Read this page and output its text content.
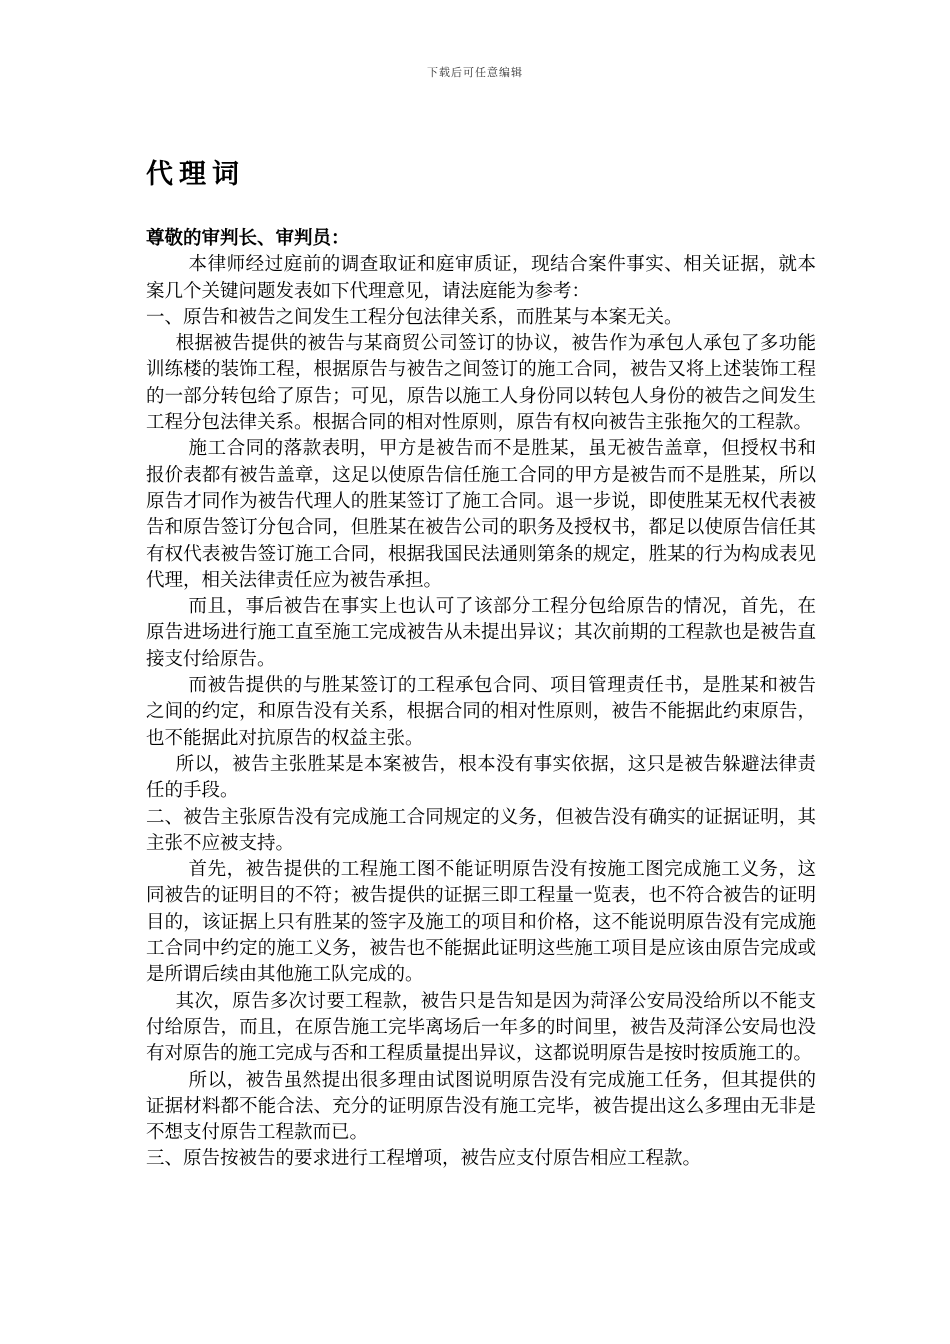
下载后可任意编辑
代理词

尊敬的审判长、审判员：

本律师经过庭前的调查取证和庭审质证，现结合案件事实、相关证据，就本案几个关键问题发表如下代理意见，请法庭能为参考：

一、原告和被告之间发生工程分包法律关系，而胜某与本案无关。

根据被告提供的被告与某商贸公司签订的协议，被告作为承包人承包了多功能训练楼的装饰工程，根据原告与被告之间签订的施工合同，被告又将上述装饰工程的一部分转包给了原告；可见，原告以施工人身份同以转包人身份的被告之间发生工程分包法律关系。根据合同的相对性原则，原告有权向被告主张拖欠的工程款。

施工合同的落款表明，甲方是被告而不是胜某，虽无被告盖章，但授权书和报价表都有被告盖章，这足以使原告信任施工合同的甲方是被告而不是胜某，所以原告才同作为被告代理人的胜某签订了施工合同。退一步说，即使胜某无权代表被告和原告签订分包合同，但胜某在被告公司的职务及授权书，都足以使原告信任其有权代表被告签订施工合同，根据我国民法通则第条的规定，胜某的行为构成表见代理，相关法律责任应为被告承担。

而且，事后被告在事实上也认可了该部分工程分包给原告的情况，首先，在原告进场进行施工直至施工完成被告从未提出异议；其次前期的工程款也是被告直接支付给原告。

而被告提供的与胜某签订的工程承包合同、项目管理责任书，是胜某和被告之间的约定，和原告没有关系，根据合同的相对性原则，被告不能据此约束原告，也不能据此对抗原告的权益主张。

所以，被告主张胜某是本案被告，根本没有事实依据，这只是被告躲避法律责任的手段。

二、被告主张原告没有完成施工合同规定的义务，但被告没有确实的证据证明，其主张不应被支持。

首先，被告提供的工程施工图不能证明原告没有按施工图完成施工义务，这同被告的证明目的不符；被告提供的证据三即工程量一览表，也不符合被告的证明目的，该证据上只有胜某的签字及施工的项目和价格，这不能说明原告没有完成施工合同中约定的施工义务，被告也不能据此证明这些施工项目是应该由原告完成或是所谓后续由其他施工队完成的。

其次，原告多次讨要工程款，被告只是告知是因为菏泽公安局没给所以不能支付给原告，而且，在原告施工完毕离场后一年多的时间里，被告及菏泽公安局也没有对原告的施工完成与否和工程质量提出异议，这都说明原告是按时按质施工的。

所以，被告虽然提出很多理由试图说明原告没有完成施工任务，但其提供的证据材料都不能合法、充分的证明原告没有施工完毕，被告提出这么多理由无非是不想支付原告工程款而已。

三、原告按被告的要求进行工程增项，被告应支付原告相应工程款。
